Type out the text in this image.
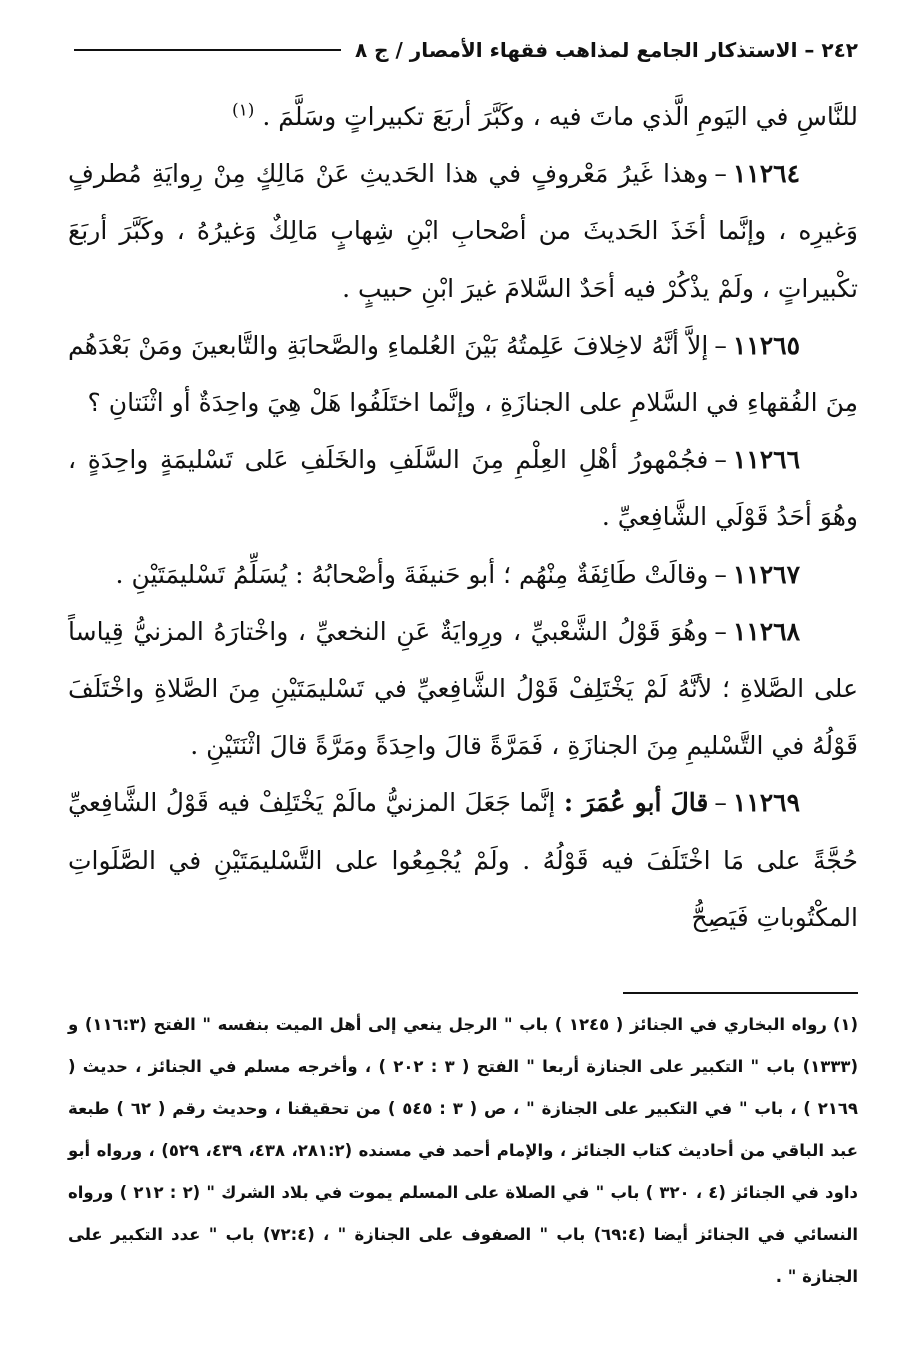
٢٤٢ – الاستذكار الجامع لمذاهب فقهاء الأمصار / ج ٨

للنَّاسِ في اليَومِ الَّذي ماتَ فيه ، وكَبَّرَ أربَعَ تكبيراتٍ وسَلَّمَ . $^{(١)}$

١١٢٦٤–وهذا غَيرُ مَعْروفٍ في هذا الحَديثِ عَنْ مَالِكٍ مِنْ رِوايَةِ مُطرفٍ وَغيرِه ، وإنَّما أخَذَ الحَديثَ من أصْحابِ ابْنِ شِهابٍ مَالِكٌ وَغيرُهُ ، وكَبَّرَ أربَعَ تكْبيراتٍ ، ولَمْ يذْكُرْ فيه أحَدٌ السَّلامَ غيرَ ابْنِ حبيبٍ .

١١٢٦٥–إلاَّ أنَّهُ لاخِلافَ عَلِمتُهُ بَيْنَ العُلماءِ والصَّحابَةِ والتَّابعينَ ومَنْ بَعْدَهُم مِنَ الفُقهاءِ في السَّلامِ على الجنازَةِ ، وإنَّما اختَلَفُوا هَلْ هِيَ واحِدَةٌ أو اثْنَتانِ ؟

١١٢٦٦–فجُمْهورُ أهْلِ العِلْمِ مِنَ السَّلَفِ والخَلَفِ عَلى تَسْليمَةٍ واحِدَةٍ ، وهُوَ أحَدُ قَوْلَي الشَّافِعيِّ .

١١٢٦٧–وقالَتْ طَائِفَةٌ مِنْهُم ؛ أبو حَنيفَةَ وأصْحابُهُ : يُسَلِّمُ تَسْليمَتَيْنِ .

١١٢٦٨–وهُوَ قَوْلُ الشَّعْبيِّ ، ورِوايَةٌ عَنِ النخعيِّ ، واخْتارَهُ المزنيُّ قِياساً على الصَّلاةِ ؛ لأنَّهُ لَمْ يَخْتَلِفْ قَوْلُ الشَّافِعيِّ في تَسْليمَتَيْنِ مِنَ الصَّلاةِ واخْتَلَفَ قَوْلُهُ في التَّسْليمِ مِنَ الجنازَةِ ، فَمَرَّةً قالَ واحِدَةً ومَرَّةً قالَ اثْنَتَيْنِ .

١١٢٦٩–قالَ أبو عُمَرَ : إنَّما جَعَلَ المزنيُّ مالَمْ يَخْتَلِفْ فيه قَوْلُ الشَّافِعيِّ حُجَّةً على مَا اخْتَلَفَ فيه قَوْلُهُ . ولَمْ يُجْمِعُوا على التَّسْليمَتَيْنِ في الصَّلَواتِ المكْتُوباتِ فَيَصِحُّ

(١)رواه البخاري في الجنائز ( ١٢٤٥ ) باب " الرجل ينعي إلى أهل الميت بنفسه " الفتح (١١٦:٣) و (١٣٣٣) باب " التكبير على الجنازة أربعا " الفتح ( ٣ : ٢٠٢ ) ، وأخرجه مسلم في الجنائز ، حديث ( ٢١٦٩ ) ، باب " في التكبير على الجنازة " ، ص ( ٣ : ٥٤٥ ) من تحقيقنا ، وحديث رقم ( ٦٢ ) طبعة عبد الباقي من أحاديث كتاب الجنائز ، والإمام أحمد في مسنده (٢٨١:٢، ٤٣٨، ٤٣٩، ٥٢٩) ، ورواه أبو داود في الجنائز (٤ ، ٣٢٠ ) باب " في الصلاة على المسلم يموت في بلاد الشرك " (٢ : ٢١٢ ) ورواه النسائي في الجنائز أيضا (٦٩:٤) باب " الصفوف على الجنازة " ، (٧٢:٤) باب " عدد التكبير على الجنازة " .
